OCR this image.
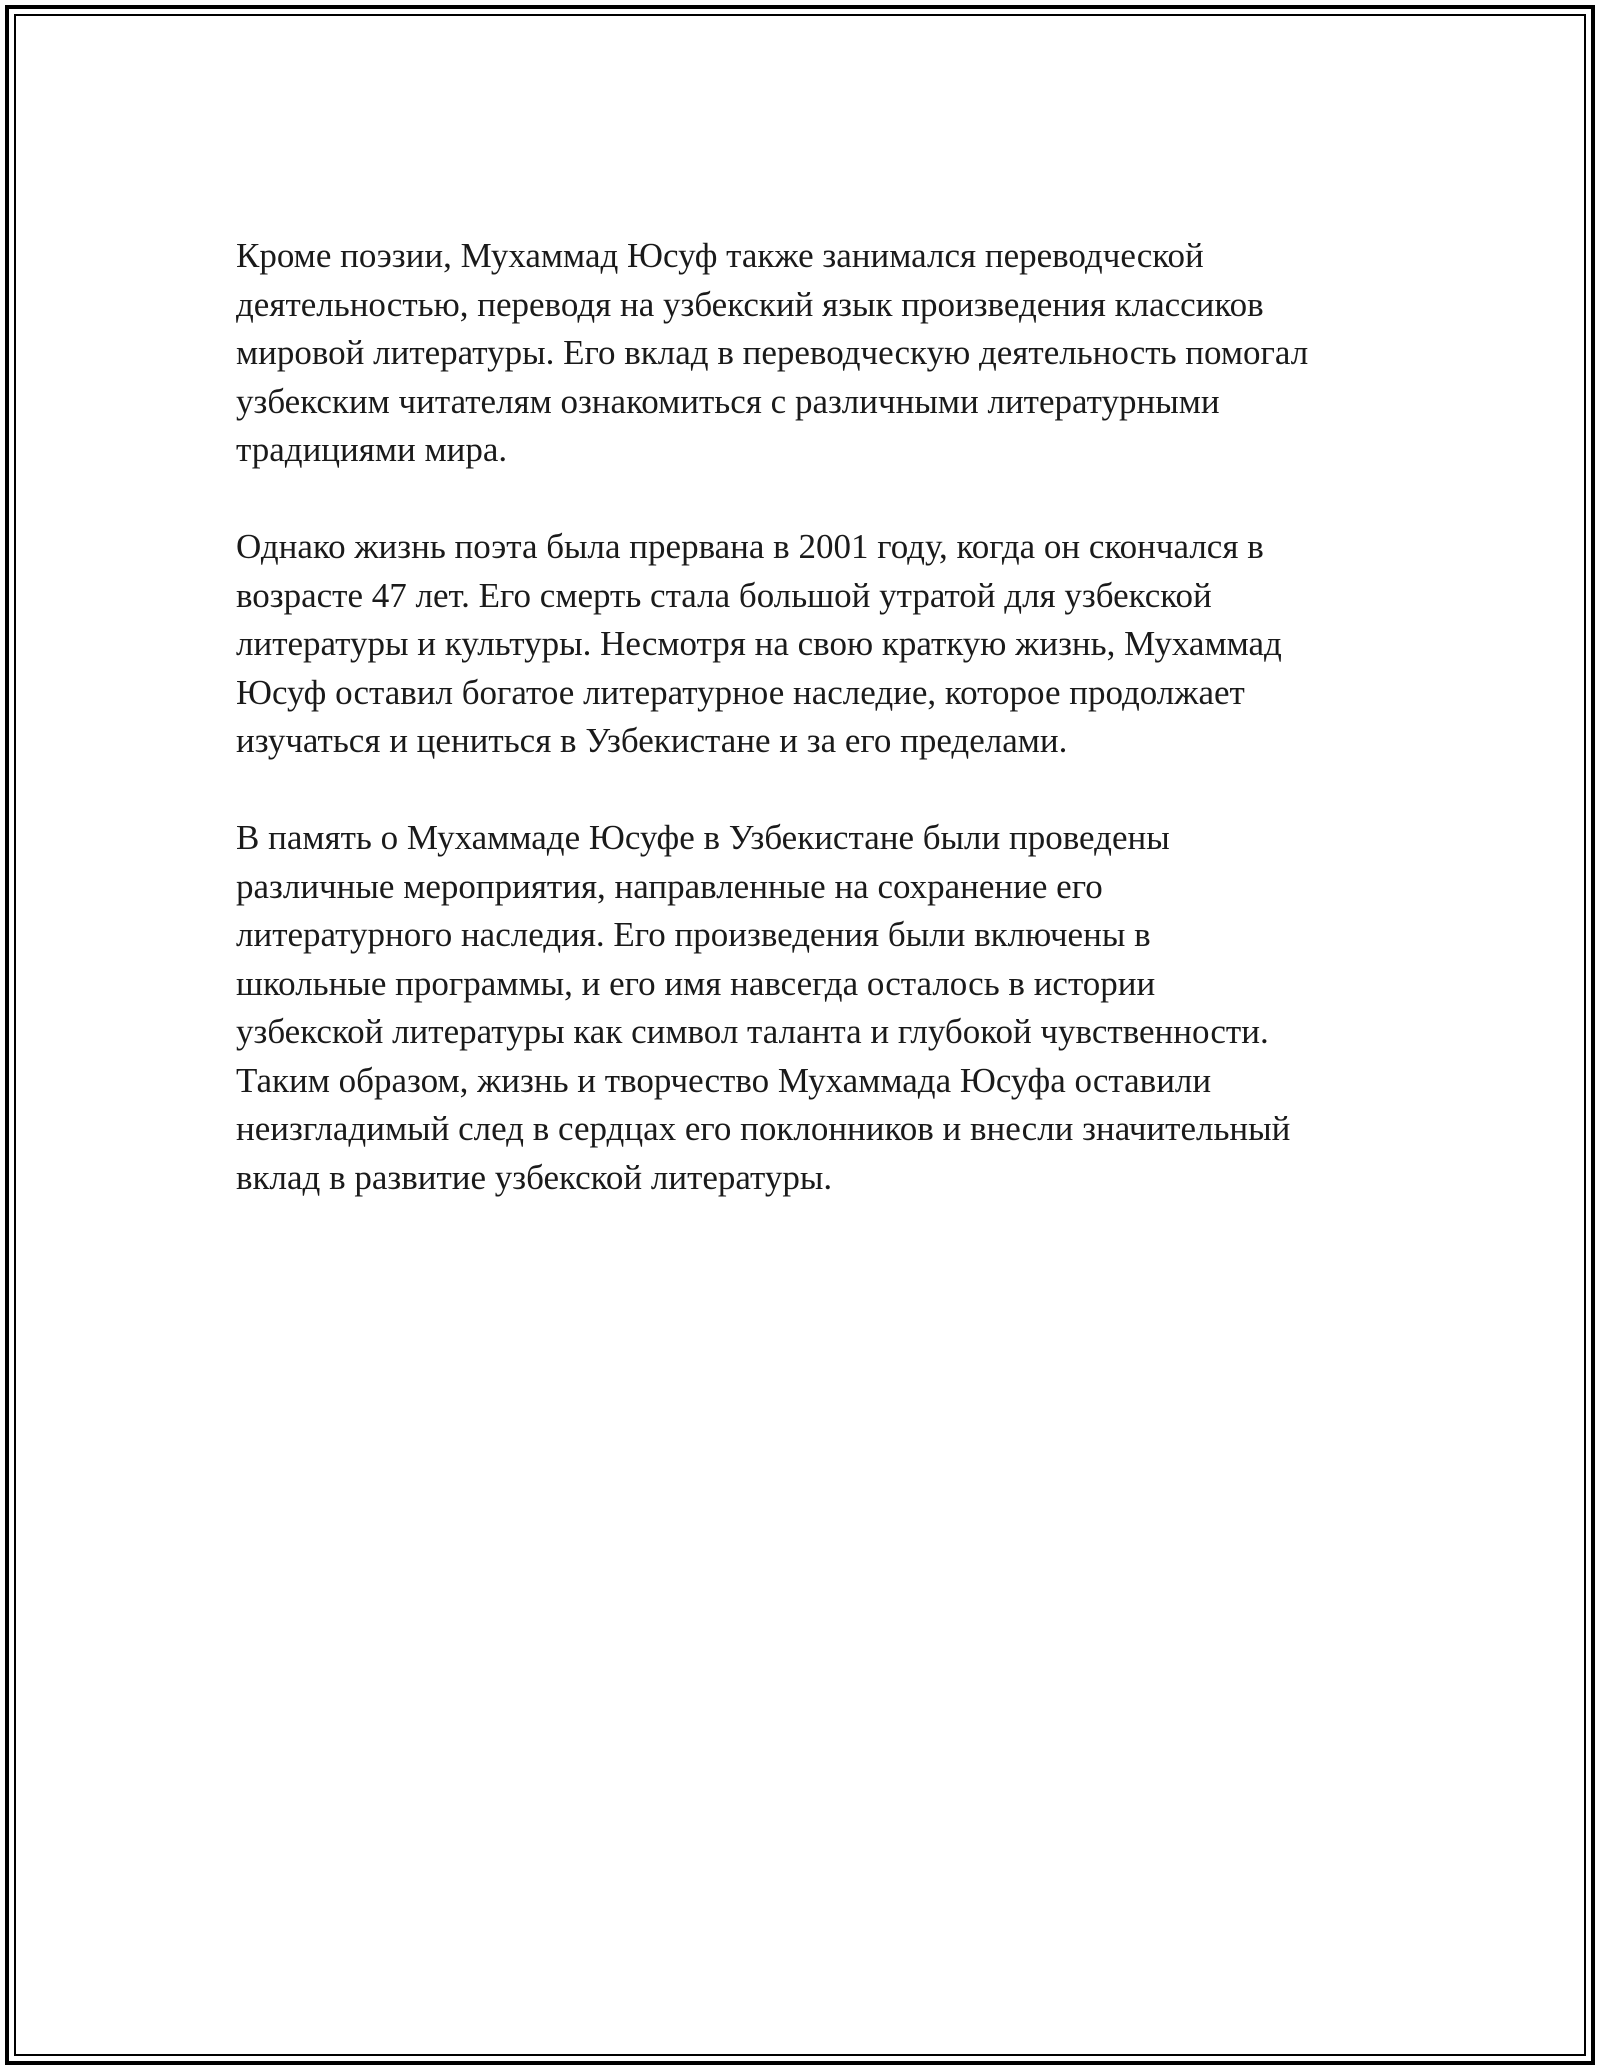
Кроме поэзии, Мухаммад Юсуф также занимался переводческой
деятельностью, переводя на узбекский язык произведения классиков
мировой литературы. Его вклад в переводческую деятельность помогал
узбекским читателям ознакомиться с различными литературными
традициями мира.

Однако жизнь поэта была прервана в 2001 году, когда он скончался в
возрасте 47 лет. Его смерть стала большой утратой для узбекской
литературы и культуры. Несмотря на свою краткую жизнь, Мухаммад
Юсуф оставил богатое литературное наследие, которое продолжает
изучаться и цениться в Узбекистане и за его пределами.

В память о Мухаммаде Юсуфе в Узбекистане были проведены
различные мероприятия, направленные на сохранение его
литературного наследия. Его произведения были включены в
школьные программы, и его имя навсегда осталось в истории
узбекской литературы как символ таланта и глубокой чувственности.
Таким образом, жизнь и творчество Мухаммада Юсуфа оставили
неизгладимый след в сердцах его поклонников и внесли значительный
вклад в развитие узбекской литературы.
